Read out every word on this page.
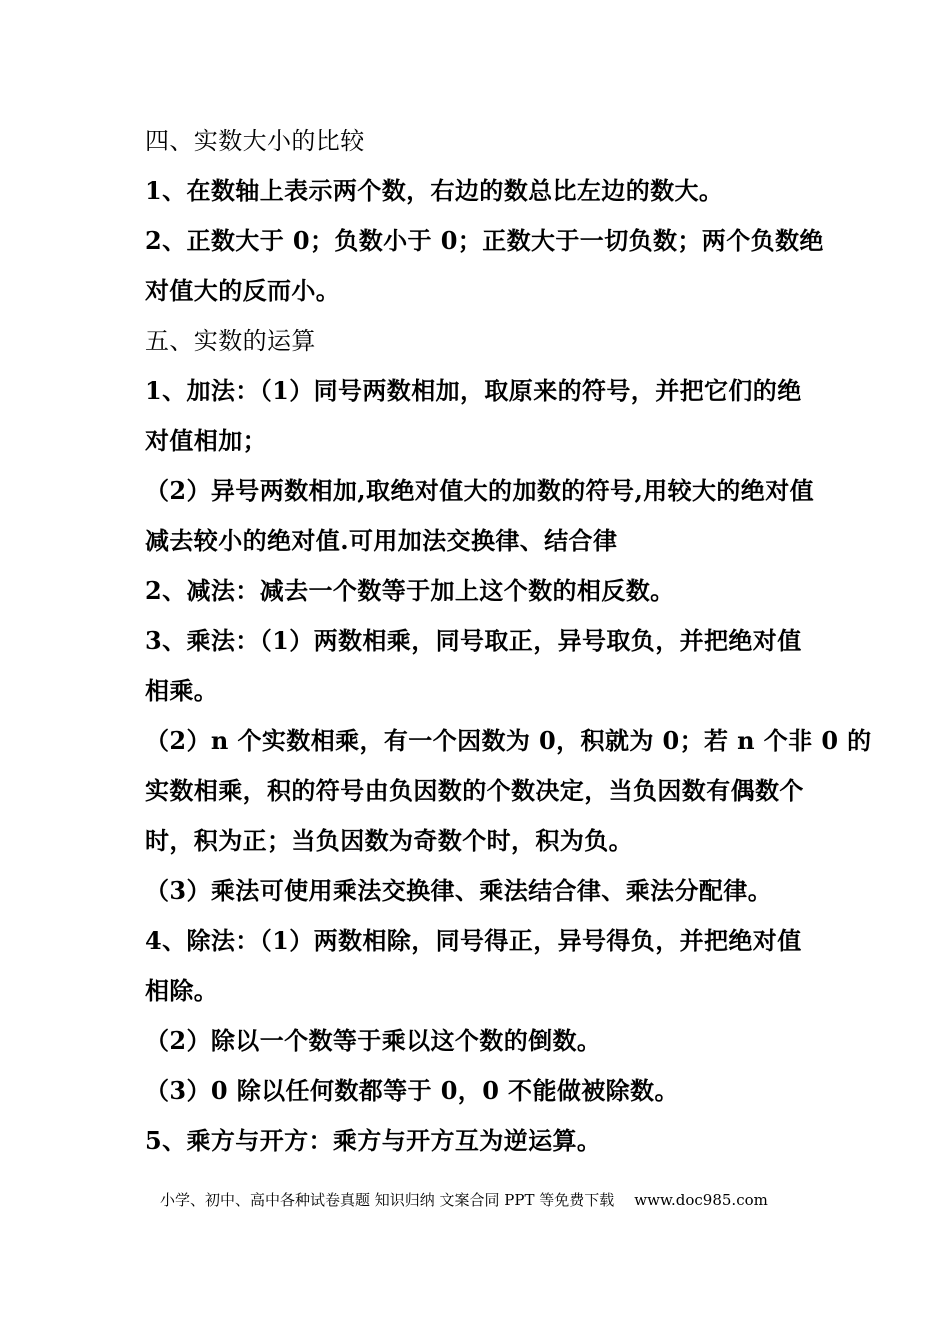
四、实数大小的比较
1、在数轴上表示两个数，右边的数总比左边的数大。
2、正数大于 0；负数小于 0；正数大于一切负数；两个负数绝
对值大的反而小。
五、实数的运算
1、加法：（1）同号两数相加，取原来的符号，并把它们的绝
对值相加；
（2）异号两数相加,取绝对值大的加数的符号,用较大的绝对值
减去较小的绝对值.可用加法交换律、结合律
2、减法：减去一个数等于加上这个数的相反数。
3、乘法：（1）两数相乘，同号取正，异号取负，并把绝对值
相乘。
（2）n 个实数相乘，有一个因数为 0，积就为 0；若 n 个非 0 的
实数相乘，积的符号由负因数的个数决定，当负因数有偶数个
时，积为正；当负因数为奇数个时，积为负。
（3）乘法可使用乘法交换律、乘法结合律、乘法分配律。
4、除法：（1）两数相除，同号得正，异号得负，并把绝对值
相除。
（2）除以一个数等于乘以这个数的倒数。
（3）0 除以任何数都等于 0，0 不能做被除数。
5、乘方与开方：乘方与开方互为逆运算。
小学、初中、高中各种试卷真题 知识归纳 文案合同 PPT 等免费下载 www.doc985.com
